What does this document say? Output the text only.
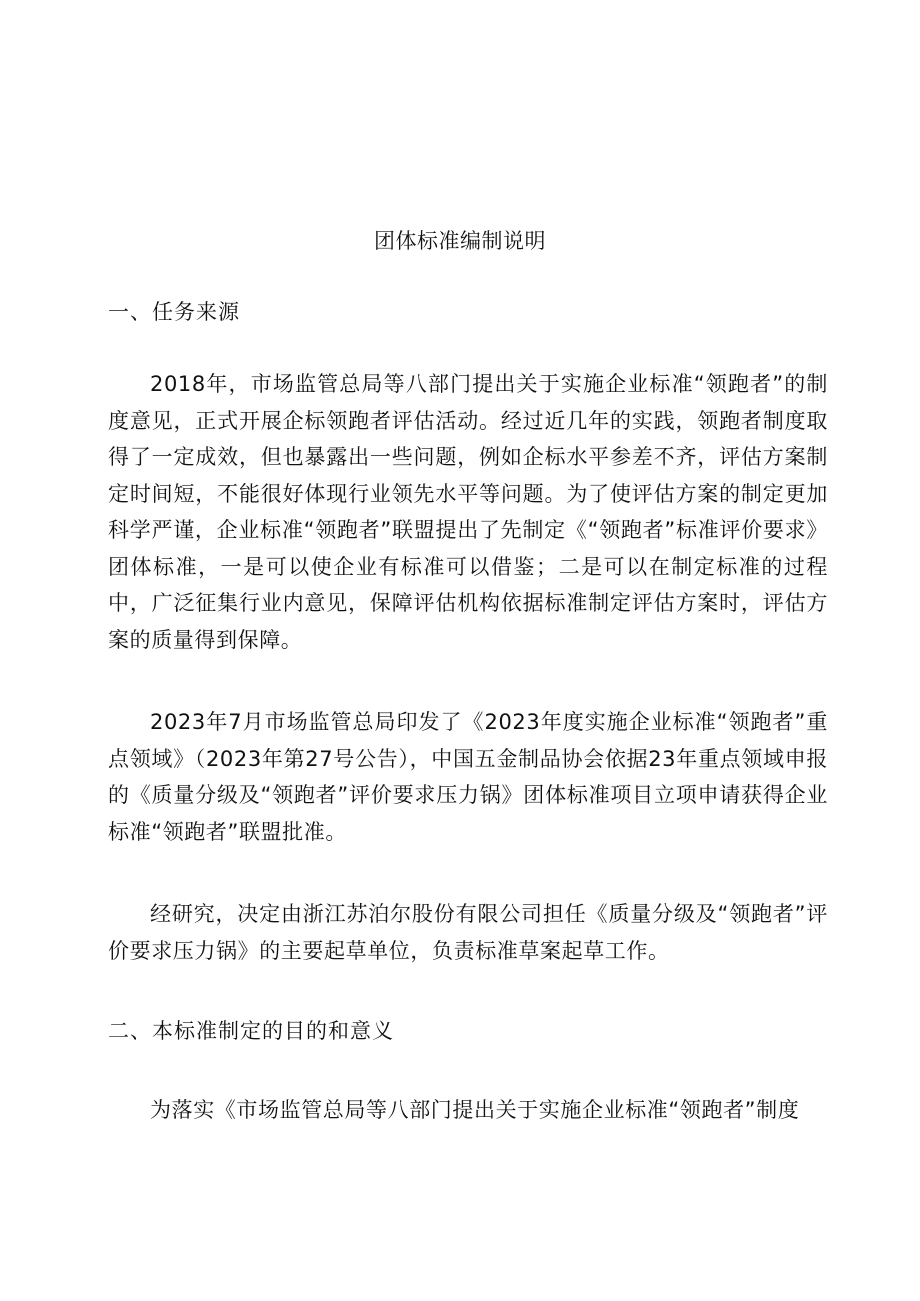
团体标准编制说明
一、任务来源

2018年，市场监管总局等八部门提出关于实施企业标准“领跑者”的制度意见，正式开展企标领跑者评估活动。经过近几年的实践，领跑者制度取得了一定成效，但也暴露出一些问题，例如企标水平参差不齐，评估方案制定时间短，不能很好体现行业领先水平等问题。为了使评估方案的制定更加科学严谨，企业标准“领跑者”联盟提出了先制定《“领跑者”标准评价要求》团体标准，一是可以使企业有标准可以借鉴；二是可以在制定标准的过程中，广泛征集行业内意见，保障评估机构依据标准制定评估方案时，评估方案的质量得到保障。

2023年7月市场监管总局印发了《2023年度实施企业标准“领跑者”重点领域》（2023年第27号公告），中国五金制品协会依据23年重点领域申报的《质量分级及“领跑者”评价要求压力锅》团体标准项目立项申请获得企业标准“领跑者”联盟批准。

经研究，决定由浙江苏泊尔股份有限公司担任《质量分级及“领跑者”评价要求压力锅》的主要起草单位，负责标准草案起草工作。

二、本标准制定的目的和意义

为落实《市场监管总局等八部门提出关于实施企业标准“领跑者”制度
